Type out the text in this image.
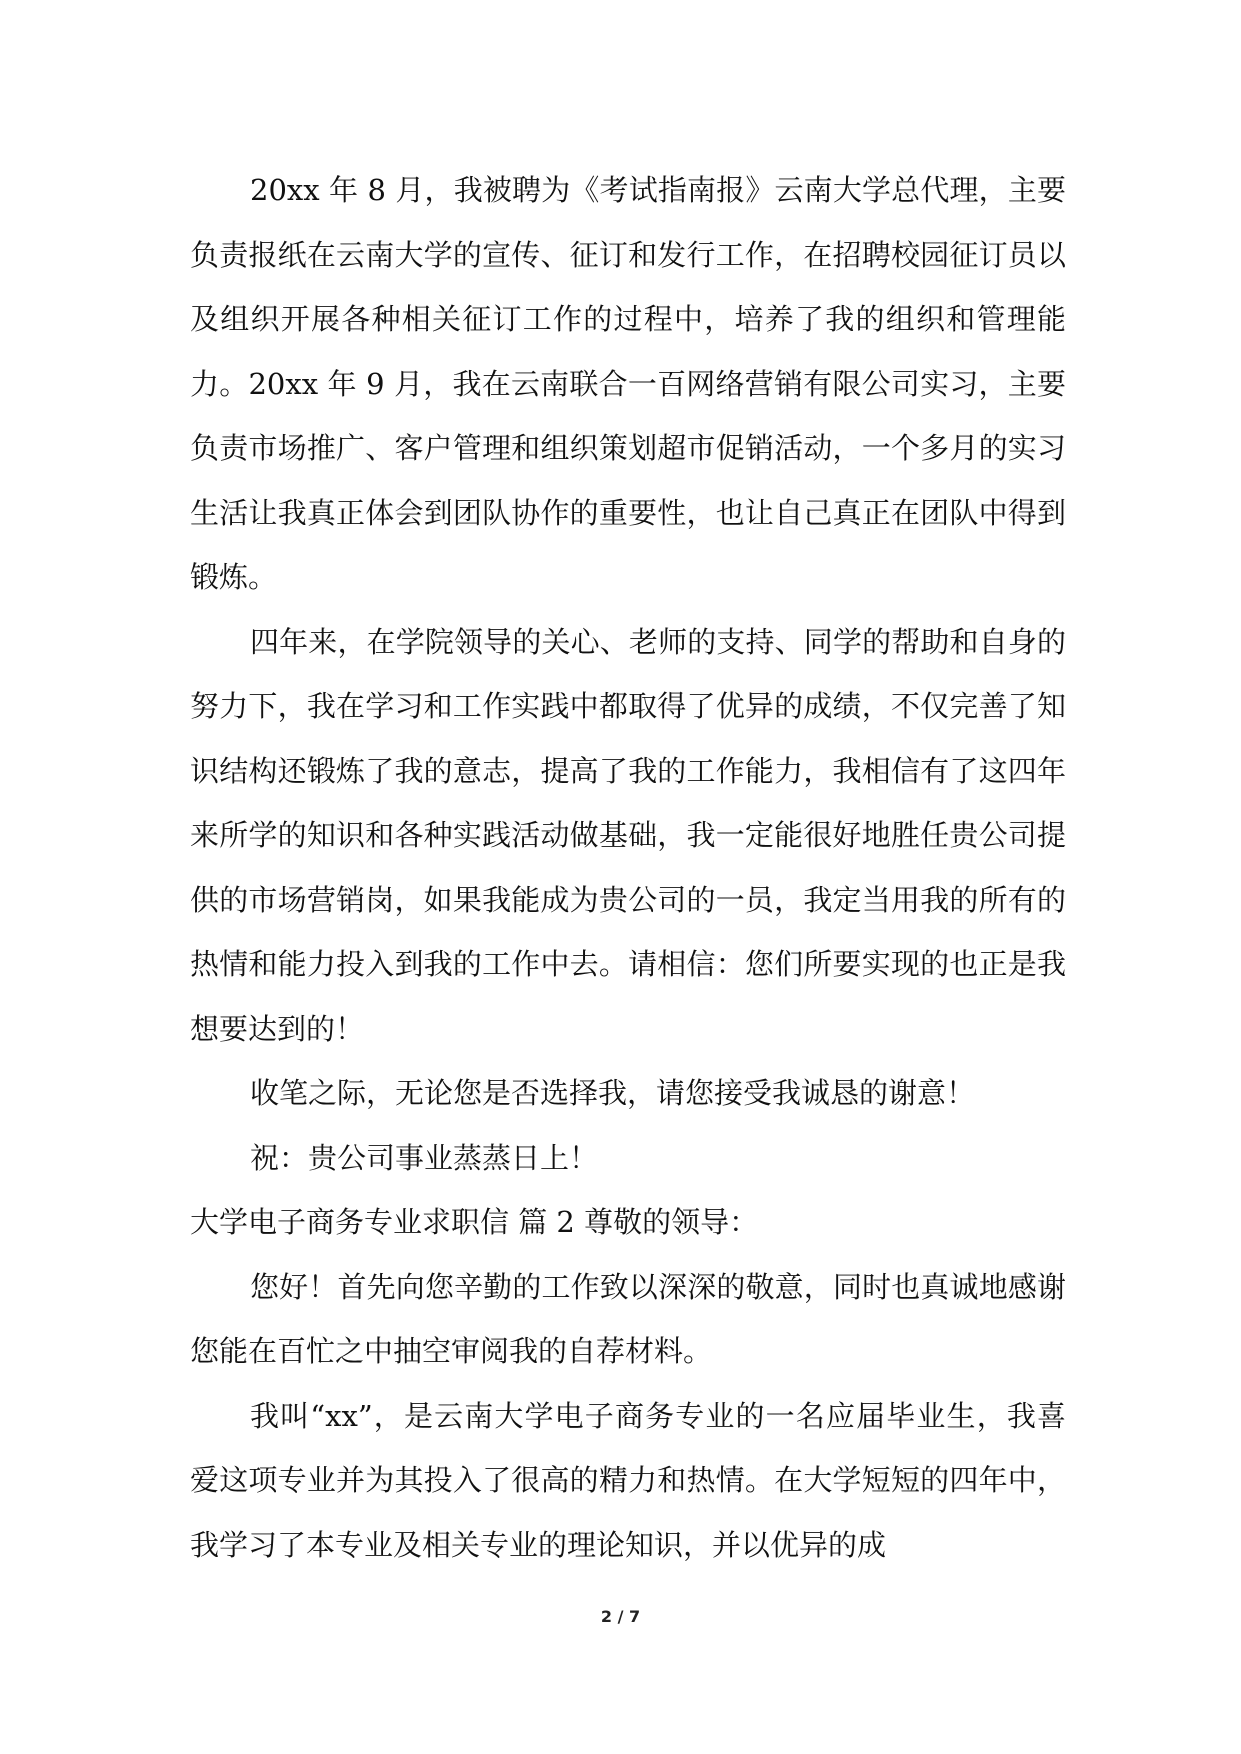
20xx 年 8 月，我被聘为《考试指南报》云南大学总代理，主要负责报纸在云南大学的宣传、征订和发行工作，在招聘校园征订员以及组织开展各种相关征订工作的过程中，培养了我的组织和管理能力。20xx 年 9 月，我在云南联合一百网络营销有限公司实习，主要负责市场推广、客户管理和组织策划超市促销活动，一个多月的实习生活让我真正体会到团队协作的重要性，也让自己真正在团队中得到锻炼。

四年来，在学院领导的关心、老师的支持、同学的帮助和自身的努力下，我在学习和工作实践中都取得了优异的成绩，不仅完善了知识结构还锻炼了我的意志，提高了我的工作能力，我相信有了这四年来所学的知识和各种实践活动做基础，我一定能很好地胜任贵公司提供的市场营销岗，如果我能成为贵公司的一员，我定当用我的所有的热情和能力投入到我的工作中去。请相信：您们所要实现的也正是我想要达到的！

收笔之际，无论您是否选择我，请您接受我诚恳的谢意！

祝：贵公司事业蒸蒸日上！

大学电子商务专业求职信 篇 2 尊敬的领导：

您好！首先向您辛勤的工作致以深深的敬意，同时也真诚地感谢您能在百忙之中抽空审阅我的自荐材料。

我叫“xx”，是云南大学电子商务专业的一名应届毕业生，我喜爱这项专业并为其投入了很高的精力和热情。在大学短短的四年中，我学习了本专业及相关专业的理论知识，并以优异的成

2 / 7
